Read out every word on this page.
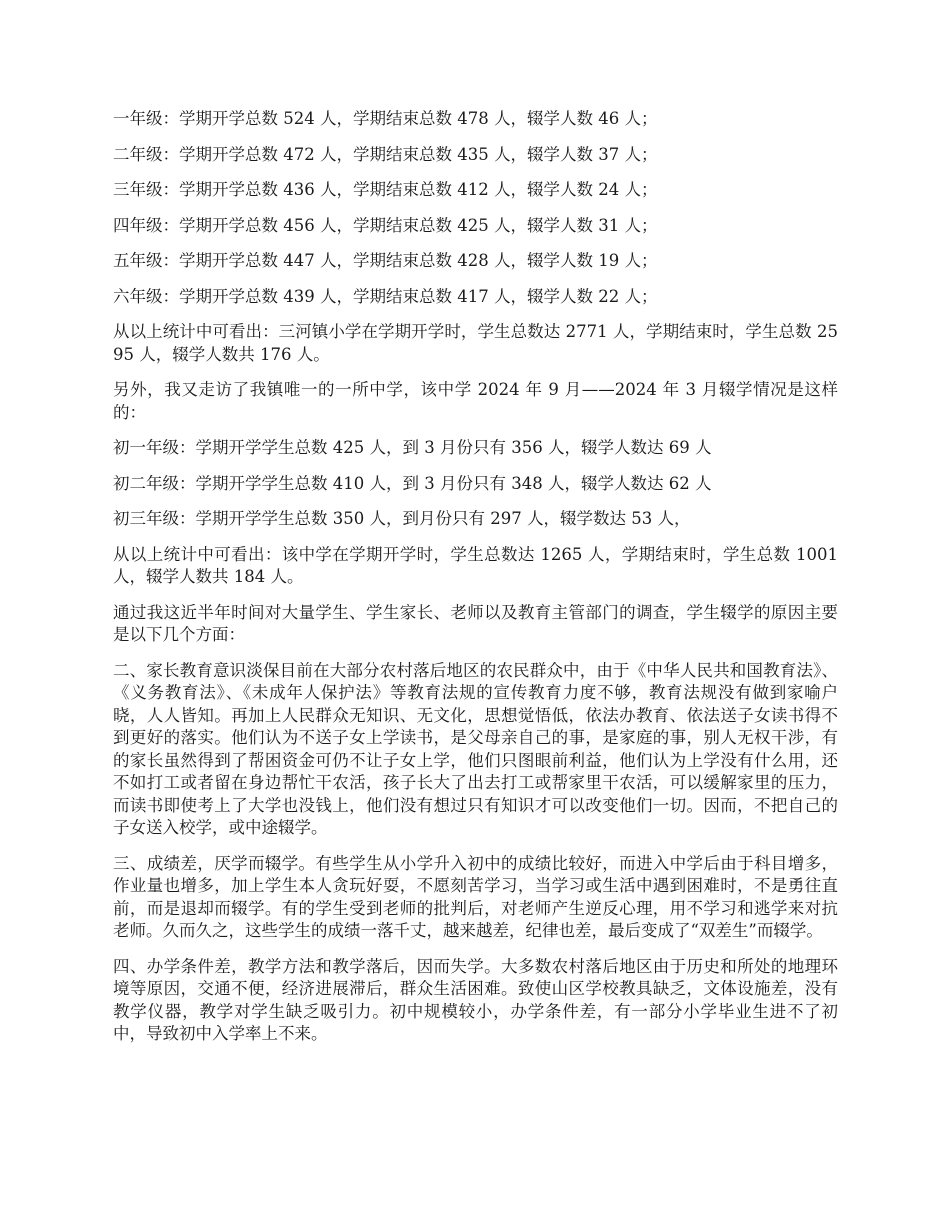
一年级：学期开学总数 524 人，学期结束总数 478 人，辍学人数 46 人；

二年级：学期开学总数 472 人，学期结束总数 435 人，辍学人数 37 人；

三年级：学期开学总数 436 人，学期结束总数 412 人，辍学人数 24 人；

四年级：学期开学总数 456 人，学期结束总数 425 人，辍学人数 31 人；

五年级：学期开学总数 447 人，学期结束总数 428 人，辍学人数 19 人；

六年级：学期开学总数 439 人，学期结束总数 417 人，辍学人数 22 人；

从以上统计中可看出：三河镇小学在学期开学时，学生总数达 2771 人，学期结束时，学生总数 2595 人，辍学人数共 176 人。

另外，我又走访了我镇唯一的一所中学，该中学 2024 年 9 月——2024 年 3 月辍学情况是这样的：

初一年级：学期开学学生总数 425 人，到 3 月份只有 356 人，辍学人数达 69 人

初二年级：学期开学学生总数 410 人，到 3 月份只有 348 人，辍学人数达 62 人

初三年级：学期开学学生总数 350 人，到月份只有 297 人，辍学数达 53 人，

从以上统计中可看出：该中学在学期开学时，学生总数达 1265 人，学期结束时，学生总数 1001 人，辍学人数共 184 人。

通过我这近半年时间对大量学生、学生家长、老师以及教育主管部门的调查，学生辍学的原因主要是以下几个方面：

二、家长教育意识淡保目前在大部分农村落后地区的农民群众中，由于《中华人民共和国教育法》、《义务教育法》、《未成年人保护法》等教育法规的宣传教育力度不够，教育法规没有做到家喻户晓，人人皆知。再加上人民群众无知识、无文化，思想觉悟低，依法办教育、依法送子女读书得不到更好的落实。他们认为不送子女上学读书，是父母亲自己的事，是家庭的事，别人无权干涉，有的家长虽然得到了帮困资金可仍不让子女上学，他们只图眼前利益，他们认为上学没有什么用，还不如打工或者留在身边帮忙干农活，孩子长大了出去打工或帮家里干农活，可以缓解家里的压力，而读书即使考上了大学也没钱上，他们没有想过只有知识才可以改变他们一切。因而，不把自己的子女送入校学，或中途辍学。

三、成绩差，厌学而辍学。有些学生从小学升入初中的成绩比较好，而进入中学后由于科目增多，作业量也增多，加上学生本人贪玩好耍，不愿刻苦学习，当学习或生活中遇到困难时，不是勇往直前，而是退却而辍学。有的学生受到老师的批判后，对老师产生逆反心理，用不学习和逃学来对抗老师。久而久之，这些学生的成绩一落千丈，越来越差，纪律也差，最后变成了“双差生”而辍学。

四、办学条件差，教学方法和教学落后，因而失学。大多数农村落后地区由于历史和所处的地理环境等原因，交通不便，经济进展滞后，群众生活困难。致使山区学校教具缺乏，文体设施差，没有教学仪器，教学对学生缺乏吸引力。初中规模较小，办学条件差，有一部分小学毕业生进不了初中，导致初中入学率上不来。
